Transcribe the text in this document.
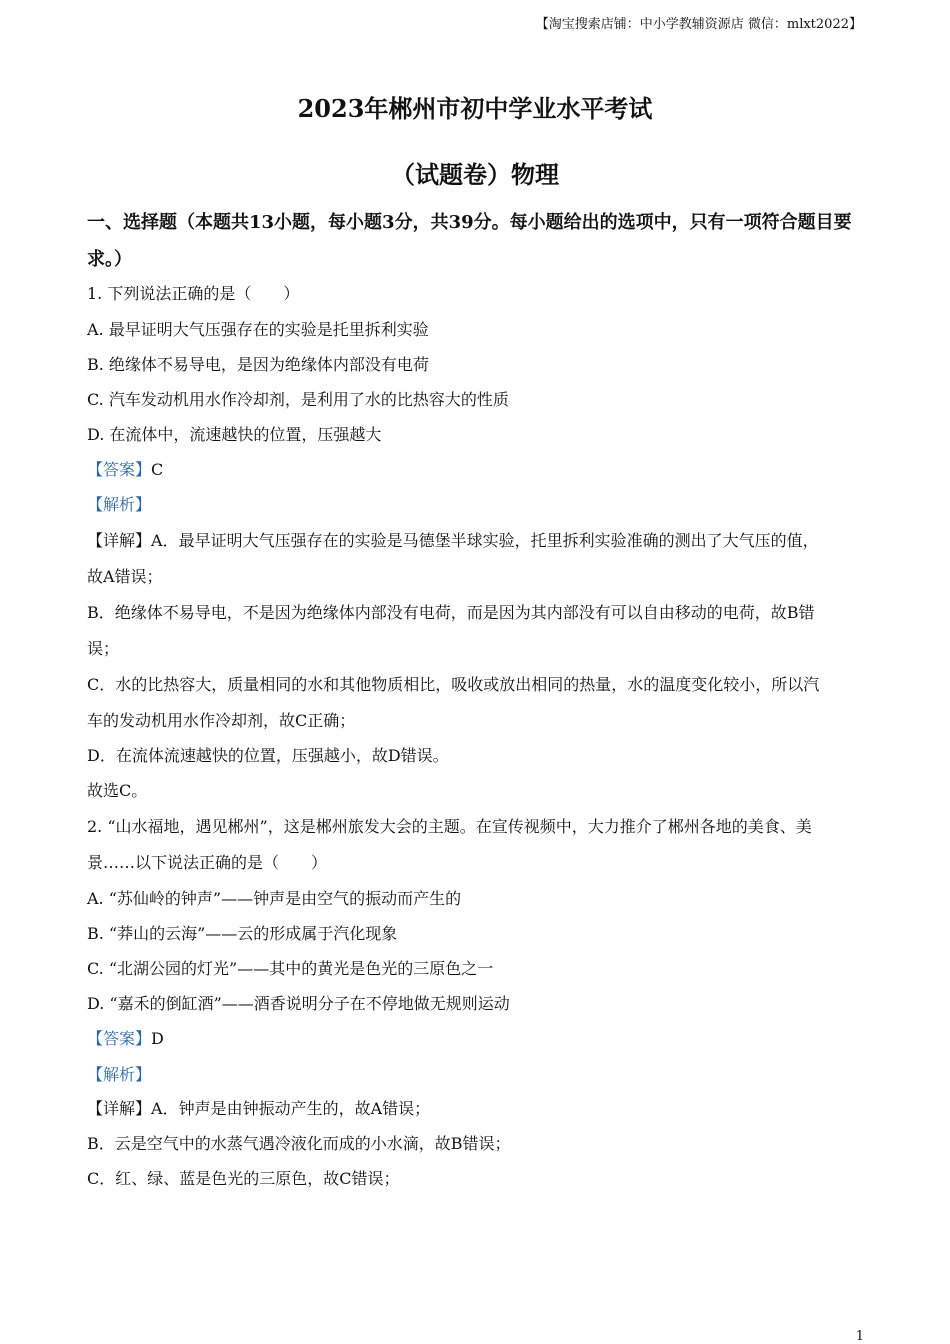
【淘宝搜索店铺：中小学教辅资源店 微信：mlxt2022】
2023年郴州市初中学业水平考试
（试题卷）物理
一、选择题（本题共13小题，每小题3分，共39分。每小题给出的选项中，只有一项符合题目要求。）
1. 下列说法正确的是（　　）
A. 最早证明大气压强存在的实验是托里拆利实验
B. 绝缘体不易导电，是因为绝缘体内部没有电荷
C. 汽车发动机用水作冷却剂，是利用了水的比热容大的性质
D. 在流体中，流速越快的位置，压强越大
【答案】C
【解析】
【详解】A．最早证明大气压强存在的实验是马德堡半球实验，托里拆利实验准确的测出了大气压的值，
故A错误；
B．绝缘体不易导电，不是因为绝缘体内部没有电荷，而是因为其内部没有可以自由移动的电荷，故B错
误；
C．水的比热容大，质量相同的水和其他物质相比，吸收或放出相同的热量，水的温度变化较小，所以汽
车的发动机用水作冷却剂，故C正确；
D．在流体流速越快的位置，压强越小，故D错误。
故选C。
2. “山水福地，遇见郴州”，这是郴州旅发大会的主题。在宣传视频中，大力推介了郴州各地的美食、美
景……以下说法正确的是（　　）
A. “苏仙岭的钟声”——钟声是由空气的振动而产生的
B. “莽山的云海”——云的形成属于汽化现象
C. “北湖公园的灯光”——其中的黄光是色光的三原色之一
D. “嘉禾的倒缸酒”——酒香说明分子在不停地做无规则运动
【答案】D
【解析】
【详解】A．钟声是由钟振动产生的，故A错误；
B．云是空气中的水蒸气遇冷液化而成的小水滴，故B错误；
C．红、绿、蓝是色光的三原色，故C错误；
1
